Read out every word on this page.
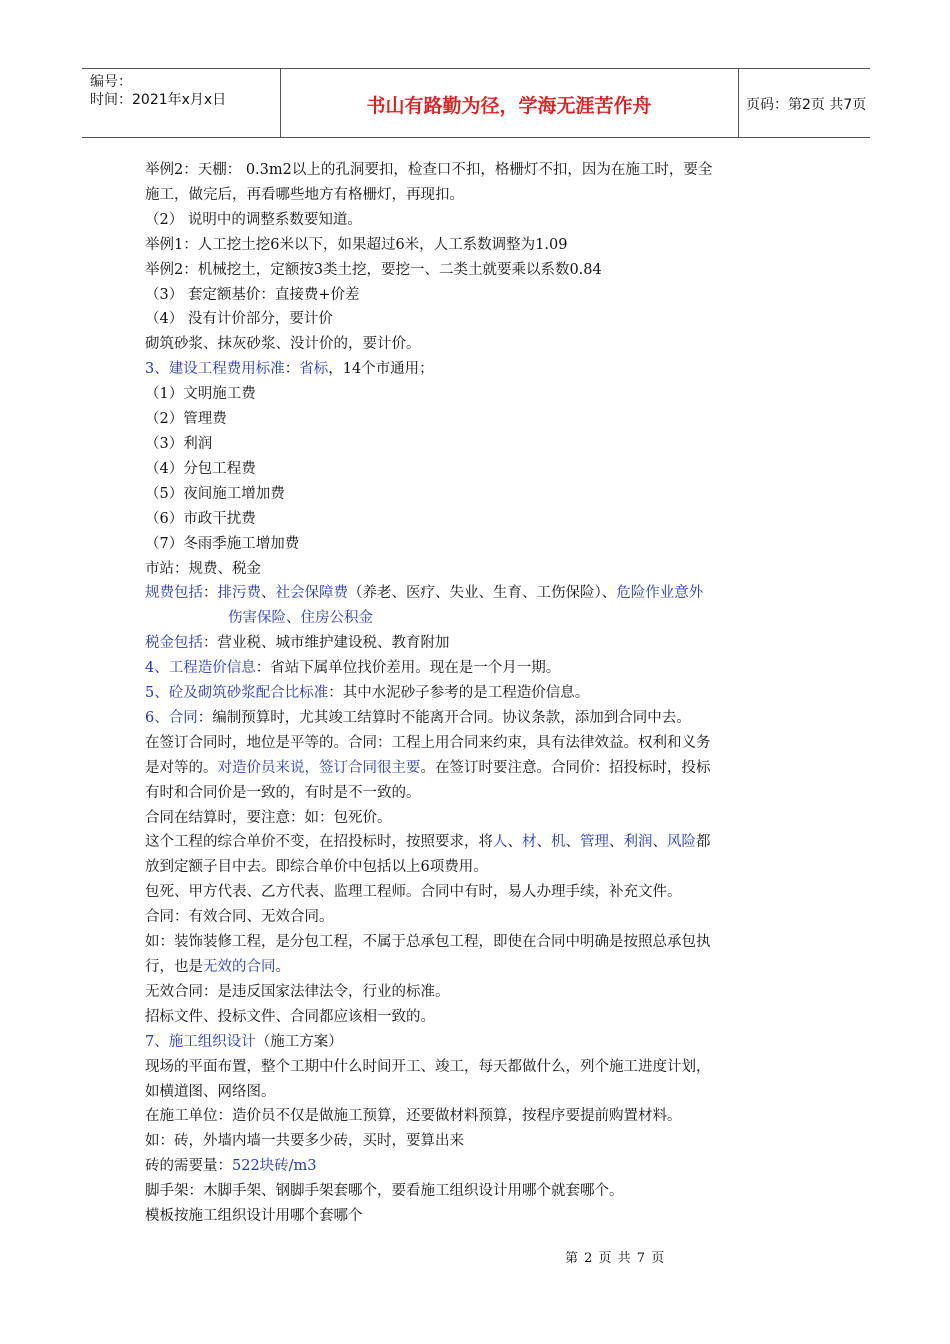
编号：
时间：2021年x月x日	书山有路勤为径，学海无涯苦作舟	页码：第2页 共7页

举例2：天棚： 0.3m2以上的孔洞要扣，检查口不扣，格栅灯不扣，因为在施工时，要全

施工，做完后，再看哪些地方有格栅灯，再现扣。

（2） 说明中的调整系数要知道。

举例1：人工挖土挖6米以下，如果超过6米，人工系数调整为1.09

举例2：机械挖土，定额按3类土挖，要挖一、二类土就要乘以系数0.84

（3） 套定额基价：直接费+价差

（4） 没有计价部分，要计价

砌筑砂浆、抹灰砂浆、没计价的，要计价。

3、建设工程费用标准：省标，14个市通用；

（1）文明施工费

（2）管理费

（3）利润

（4）分包工程费

（5）夜间施工增加费

（6）市政干扰费

（7）冬雨季施工增加费

市站：规费、税金

规费包括：排污费、社会保障费（养老、医疗、失业、生育、工伤保险）、危险作业意外

伤害保险、住房公积金

税金包括：营业税、城市维护建设税、教育附加

4、工程造价信息：省站下属单位找价差用。现在是一个月一期。

5、砼及砌筑砂浆配合比标准：其中水泥砂子参考的是工程造价信息。

6、合同：编制预算时，尤其竣工结算时不能离开合同。协议条款，添加到合同中去。

在签订合同时，地位是平等的。合同：工程上用合同来约束，具有法律效益。权利和义务

是对等的。对造价员来说，签订合同很主要。在签订时要注意。合同价：招投标时，投标

有时和合同价是一致的，有时是不一致的。

合同在结算时，要注意：如：包死价。

这个工程的综合单价不变，在招投标时，按照要求，将人、材、机、管理、利润、风险都

放到定额子目中去。即综合单价中包括以上6项费用。

包死、甲方代表、乙方代表、监理工程师。合同中有时，易人办理手续，补充文件。

合同：有效合同、无效合同。

如：装饰装修工程，是分包工程，不属于总承包工程，即使在合同中明确是按照总承包执

行，也是无效的合同。

无效合同：是违反国家法律法令，行业的标准。

招标文件、投标文件、合同都应该相一致的。

7、施工组织设计（施工方案）

现场的平面布置，整个工期中什么时间开工、竣工，每天都做什么，列个施工进度计划，

如横道图、网络图。

在施工单位：造价员不仅是做施工预算，还要做材料预算，按程序要提前购置材料。

如：砖，外墙内墙一共要多少砖，买时，要算出来

砖的需要量：522块砖/m3

脚手架：木脚手架、钢脚手架套哪个，要看施工组织设计用哪个就套哪个。

模板按施工组织设计用哪个套哪个

第 2 页 共 7 页
